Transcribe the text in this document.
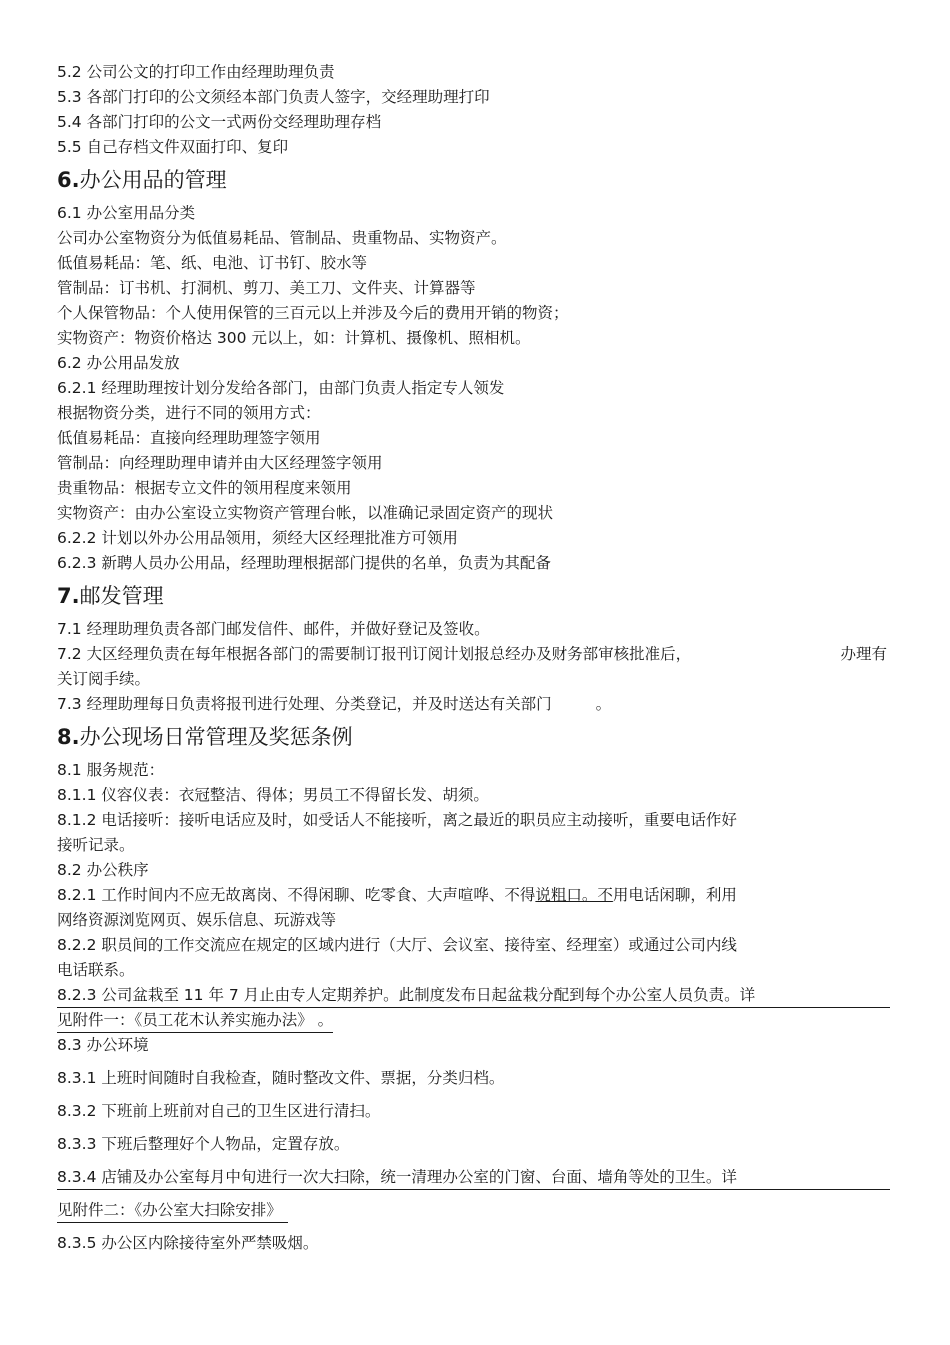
5.2 公司公文的打印工作由经理助理负责
5.3 各部门打印的公文须经本部门负责人签字，交经理助理打印
5.4 各部门打印的公文一式两份交经理助理存档
5.5 自己存档文件双面打印、复印
6.办公用品的管理
6.1 办公室用品分类
公司办公室物资分为低值易耗品、管制品、贵重物品、实物资产。
低值易耗品：笔、纸、电池、订书钉、胶水等
管制品：订书机、打洞机、剪刀、美工刀、文件夹、计算器等
个人保管物品：个人使用保管的三百元以上并涉及今后的费用开销的物资；
实物资产：物资价格达 300 元以上，如：计算机、摄像机、照相机。
6.2 办公用品发放
6.2.1 经理助理按计划分发给各部门，由部门负责人指定专人领发
根据物资分类，进行不同的领用方式：
低值易耗品：直接向经理助理签字领用
管制品：向经理助理申请并由大区经理签字领用
贵重物品：根据专立文件的领用程度来领用
实物资产：由办公室设立实物资产管理台帐，以准确记录固定资产的现状
6.2.2 计划以外办公用品领用，须经大区经理批准方可领用
6.2.3 新聘人员办公用品，经理助理根据部门提供的名单，负责为其配备
7.邮发管理
7.1 经理助理负责各部门邮发信件、邮件，并做好登记及签收。
7.2 大区经理负责在每年根据各部门的需要制订报刊订阅计划报总经办及财务部审核批准后，	办理有
关订阅手续。
7.3 经理助理每日负责将报刊进行处理、分类登记，并及时送达有关部门	。
8.办公现场日常管理及奖惩条例
8.1 服务规范：
8.1.1 仪容仪表：衣冠整洁、得体；男员工不得留长发、胡须。
8.1.2 电话接听：接听电话应及时，如受话人不能接听，离之最近的职员应主动接听，重要电话作好
接听记录。
8.2 办公秩序
8.2.1 工作时间内不应无故离岗、不得闲聊、吃零食、大声喧哗、不得说粗口。不用电话闲聊，利用
网络资源浏览网页、娱乐信息、玩游戏等
8.2.2 职员间的工作交流应在规定的区域内进行（大厅、会议室、接待室、经理室）或通过公司内线
电话联系。
8.2.3 公司盆栽至 11 年 7 月止由专人定期养护。此制度发布日起盆栽分配到每个办公室人员负责。详
见附件一：《员工花木认养实施办法》 。
8.3 办公环境
8.3.1 上班时间随时自我检查，随时整改文件、票据，分类归档。
8.3.2 下班前上班前对自己的卫生区进行清扫。
8.3.3 下班后整理好个人物品，定置存放。
8.3.4 店铺及办公室每月中旬进行一次大扫除，统一清理办公室的门窗、台面、墙角等处的卫生。详
见附件二：《办公室大扫除安排》
8.3.5 办公区内除接待室外严禁吸烟。
